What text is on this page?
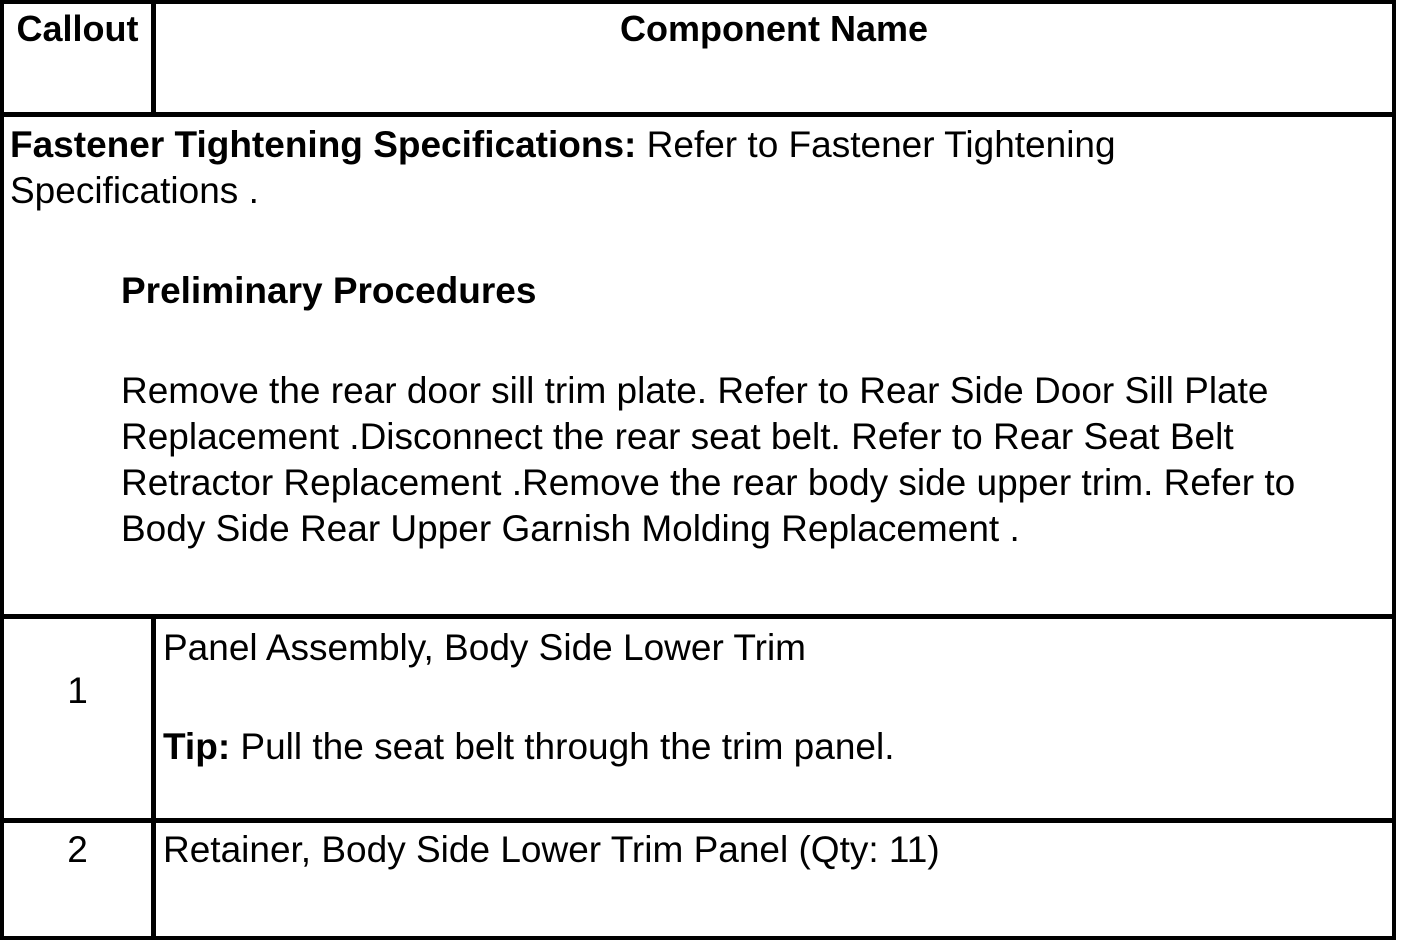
Callout	Component Name
Fastener Tightening Specifications: Refer to Fastener Tightening Specifications .
Preliminary Procedures
Remove the rear door sill trim plate. Refer to Rear Side Door Sill Plate Replacement .Disconnect the rear seat belt. Refer to Rear Seat Belt Retractor Replacement .Remove the rear body side upper trim. Refer to Body Side Rear Upper Garnish Molding Replacement .
1
Panel Assembly, Body Side Lower Trim
Tip: Pull the seat belt through the trim panel.
2	Retainer, Body Side Lower Trim Panel (Qty: 11)
